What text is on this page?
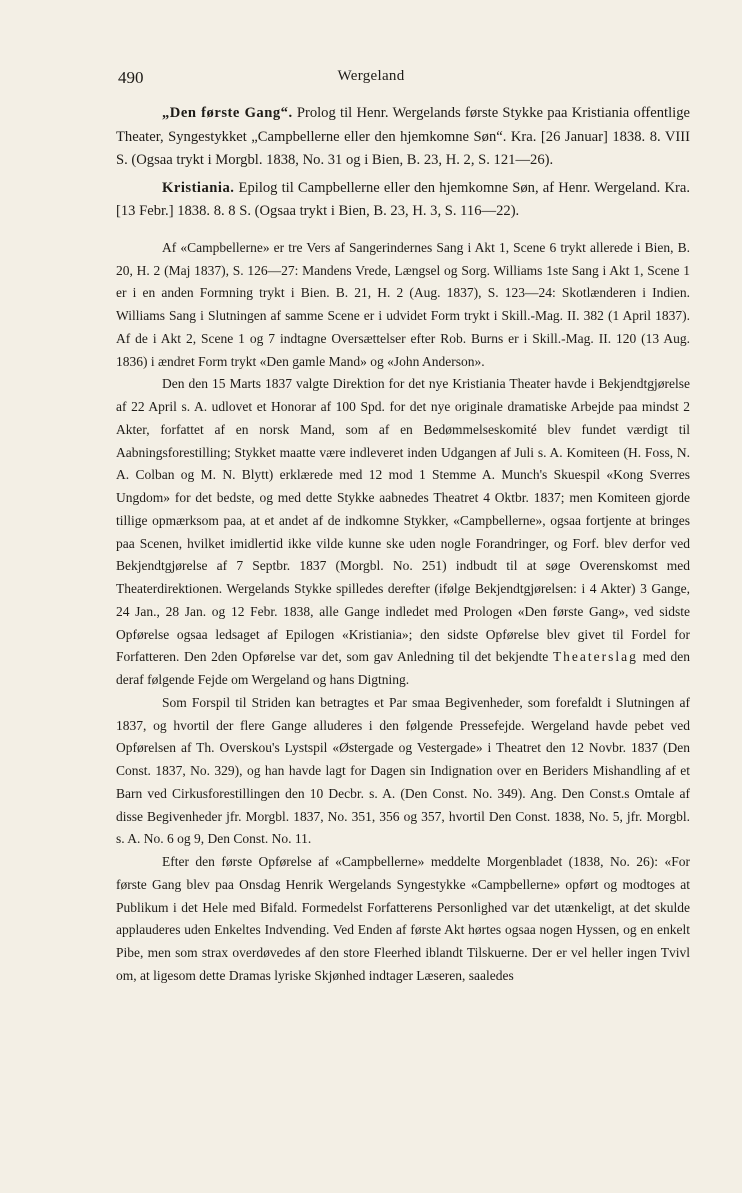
490	Wergeland

„Den første Gang“. Prolog til Henr. Wergelands første Stykke paa Kristiania offentlige Theater, Syngestykket „Campbellerne eller den hjemkomne Søn“. Kra. [26 Januar] 1838. 8. VIII S. (Ogsaa trykt i Morgbl. 1838, No. 31 og i Bien, B. 23, H. 2, S. 121—26).

Kristiania. Epilog til Campbellerne eller den hjemkomne Søn, af Henr. Wergeland. Kra. [13 Febr.] 1838. 8. 8 S. (Ogsaa trykt i Bien, B. 23, H. 3, S. 116—22).

Af «Campbellerne» er tre Vers af Sangerindernes Sang i Akt 1, Scene 6 trykt allerede i Bien, B. 20, H. 2 (Maj 1837), S. 126—27: Mandens Vrede, Længsel og Sorg. Williams 1ste Sang i Akt 1, Scene 1 er i en anden Formning trykt i Bien. B. 21, H. 2 (Aug. 1837), S. 123—24: Skotlænderen i Indien. Williams Sang i Slutningen af samme Scene er i udvidet Form trykt i Skill.-Mag. II. 382 (1 April 1837). Af de i Akt 2, Scene 1 og 7 indtagne Oversættelser efter Rob. Burns er i Skill.-Mag. II. 120 (13 Aug. 1836) i ændret Form trykt «Den gamle Mand» og «John Anderson».

Den den 15 Marts 1837 valgte Direktion for det nye Kristiania Theater havde i Bekjendtgjørelse af 22 April s. A. udlovet et Honorar af 100 Spd. for det nye originale dramatiske Arbejde paa mindst 2 Akter, forfattet af en norsk Mand, som af en Bedømmelseskomité blev fundet værdigt til Aabningsforestilling; Stykket maatte være indleveret inden Udgangen af Juli s. A. Komiteen (H. Foss, N. A. Colban og M. N. Blytt) erklærede med 12 mod 1 Stemme A. Munch's Skuespil «Kong Sverres Ungdom» for det bedste, og med dette Stykke aabnedes Theatret 4 Oktbr. 1837; men Komiteen gjorde tillige opmærksom paa, at et andet af de indkomne Stykker, «Campbellerne», ogsaa fortjente at bringes paa Scenen, hvilket imidlertid ikke vilde kunne ske uden nogle Forandringer, og Forf. blev derfor ved Bekjendtgjørelse af 7 Septbr. 1837 (Morgbl. No. 251) indbudt til at søge Overenskomst med Theaterdirektionen. Wergelands Stykke spilledes derefter (ifølge Bekjendtgjørelsen: i 4 Akter) 3 Gange, 24 Jan., 28 Jan. og 12 Febr. 1838, alle Gange indledet med Prologen «Den første Gang», ved sidste Opførelse ogsaa ledsaget af Epilogen «Kristiania»; den sidste Opførelse blev givet til Fordel for Forfatteren. Den 2den Opførelse var det, som gav Anledning til det bekjendte Theaterslag med den deraf følgende Fejde om Wergeland og hans Digtning.

Som Forspil til Striden kan betragtes et Par smaa Begivenheder, som forefaldt i Slutningen af 1837, og hvortil der flere Gange alluderes i den følgende Pressefejde. Wergeland havde pebet ved Opførelsen af Th. Overskou's Lystspil «Østergade og Vestergade» i Theatret den 12 Novbr. 1837 (Den Const. 1837, No. 329), og han havde lagt for Dagen sin Indignation over en Beriders Mishandling af et Barn ved Cirkusforestillingen den 10 Decbr. s. A. (Den Const. No. 349). Ang. Den Const.s Omtale af disse Begivenheder jfr. Morgbl. 1837, No. 351, 356 og 357, hvortil Den Const. 1838, No. 5, jfr. Morgbl. s. A. No. 6 og 9, Den Const. No. 11.

Efter den første Opførelse af «Campbellerne» meddelte Morgenbladet (1838, No. 26): «For første Gang blev paa Onsdag Henrik Wergelands Syngestykke «Campbellerne» opført og modtoges at Publikum i det Hele med Bifald. Formedelst Forfatterens Personlighed var det utænkeligt, at det skulde applauderes uden Enkeltes Indvending. Ved Enden af første Akt hørtes ogsaa nogen Hyssen, og en enkelt Pibe, men som strax overdøvedes af den store Fleerhed iblandt Tilskuerne. Der er vel heller ingen Tvivl om, at ligesom dette Dramas lyriske Skjønhed indtager Læseren, saaledes
